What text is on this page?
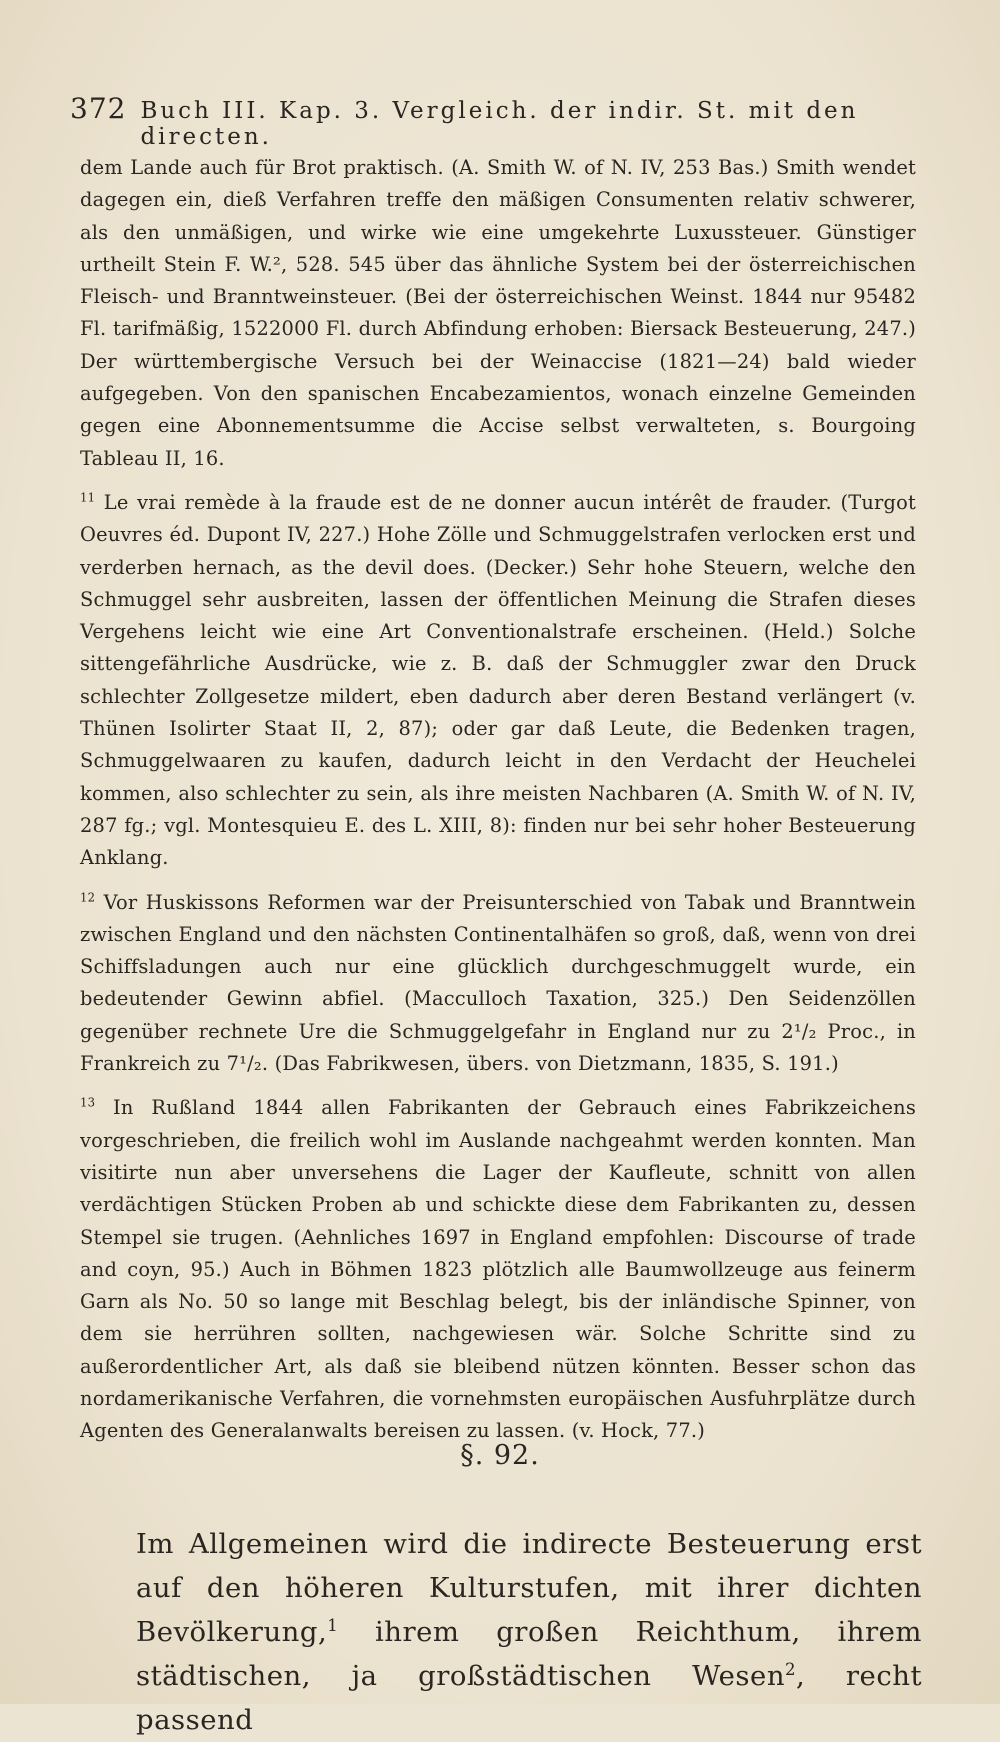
372 Buch III. Kap. 3. Vergleich. der indir. St. mit den directen.

dem Lande auch für Brot praktisch. (A. Smith W. of N. IV, 253 Bas.) Smith wendet dagegen ein, dieß Verfahren treffe den mäßigen Consumenten relativ schwerer, als den unmäßigen, und wirke wie eine umgekehrte Luxussteuer. Günstiger urtheilt Stein F. W.², 528. 545 über das ähnliche System bei der österreichischen Fleisch- und Branntweinsteuer. (Bei der österreichischen Weinst. 1844 nur 95482 Fl. tarifmäßig, 1522000 Fl. durch Abfindung erhoben: Biersack Besteuerung, 247.) Der württembergische Versuch bei der Weinaccise (1821—24) bald wieder aufgegeben. Von den spanischen Encabezamientos, wonach einzelne Gemeinden gegen eine Abonnementsumme die Accise selbst verwalteten, s. Bourgoing Tableau II, 16.

$^{11}$ Le vrai remède à la fraude est de ne donner aucun intérêt de frauder. (Turgot Oeuvres éd. Dupont IV, 227.) Hohe Zölle und Schmuggelstrafen verlocken erst und verderben hernach, as the devil does. (Decker.) Sehr hohe Steuern, welche den Schmuggel sehr ausbreiten, lassen der öffentlichen Meinung die Strafen dieses Vergehens leicht wie eine Art Conventionalstrafe erscheinen. (Held.) Solche sittengefährliche Ausdrücke, wie z. B. daß der Schmuggler zwar den Druck schlechter Zollgesetze mildert, eben dadurch aber deren Bestand verlängert (v. Thünen Isolirter Staat II, 2, 87); oder gar daß Leute, die Bedenken tragen, Schmuggelwaaren zu kaufen, dadurch leicht in den Verdacht der Heuchelei kommen, also schlechter zu sein, als ihre meisten Nachbaren (A. Smith W. of N. IV, 287 fg.; vgl. Montesquieu E. des L. XIII, 8): finden nur bei sehr hoher Besteuerung Anklang.

$^{12}$ Vor Huskissons Reformen war der Preisunterschied von Tabak und Branntwein zwischen England und den nächsten Continentalhäfen so groß, daß, wenn von drei Schiffsladungen auch nur eine glücklich durchgeschmuggelt wurde, ein bedeutender Gewinn abfiel. (Macculloch Taxation, 325.) Den Seidenzöllen gegenüber rechnete Ure die Schmuggelgefahr in England nur zu 2¹/₂ Proc., in Frankreich zu 7¹/₂. (Das Fabrikwesen, übers. von Dietzmann, 1835, S. 191.)

$^{13}$ In Rußland 1844 allen Fabrikanten der Gebrauch eines Fabrikzeichens vorgeschrieben, die freilich wohl im Auslande nachgeahmt werden konnten. Man visitirte nun aber unversehens die Lager der Kaufleute, schnitt von allen verdächtigen Stücken Proben ab und schickte diese dem Fabrikanten zu, dessen Stempel sie trugen. (Aehnliches 1697 in England empfohlen: Discourse of trade and coyn, 95.) Auch in Böhmen 1823 plötzlich alle Baumwollzeuge aus feinerm Garn als No. 50 so lange mit Beschlag belegt, bis der inländische Spinner, von dem sie herrühren sollten, nachgewiesen wär. Solche Schritte sind zu außerordentlicher Art, als daß sie bleibend nützen könnten. Besser schon das nordamerikanische Verfahren, die vornehmsten europäischen Ausfuhrplätze durch Agenten des Generalanwalts bereisen zu lassen. (v. Hock, 77.)

§. 92.

Im Allgemeinen wird die indirecte Besteuerung erst auf den höheren Kulturstufen, mit ihrer dichten Bevölkerung,$^1$ ihrem großen Reichthum, ihrem städtischen, ja großstädtischen Wesen$^2$, recht passend
